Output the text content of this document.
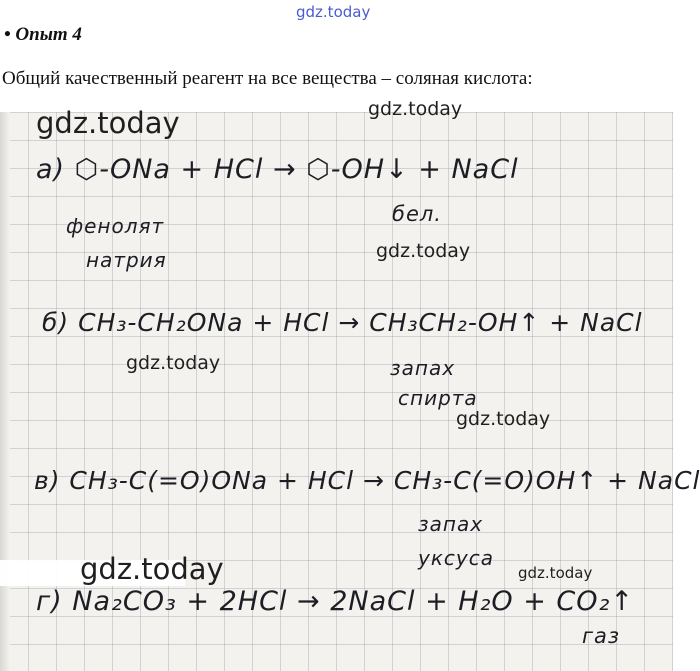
gdz.today
• Опыт 4
Общий качественный реагент на все вещества – соляная кислота:
а) ⬡-ONa + HCl → ⬡-OH↓ + NaCl
фенолят
натрия
бел.
б) CH₃-CH₂ONa + HCl → CH₃CH₂-OH↑ + NaCl
запах
спирта
в) CH₃-C(=O)ONa + HCl → CH₃-C(=O)OH↑ + NaCl
запах
уксуса
г) Na₂CO₃ + 2HCl → 2NaCl + H₂O + CO₂↑
газ
gdz.today	gdz.today
gdz.today
gdz.today
gdz.today
gdz.today	gdz.today
